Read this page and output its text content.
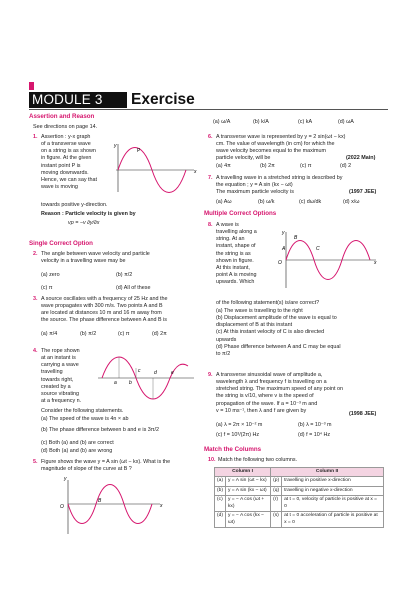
MODULE 3	Exercise
Assertion and Reason
See directions on page 14.
1. Assertion : y-x graph
of a transverse wave
on a string is as shown
in figure. At the given
instant point P is
moving downwards.
Hence, we can say that
wave is moving
towards positive y-direction.
P
x
y
Reason : Particle velocity is given by
vp = −v ∂y/∂x
Single Correct Option
2. The angle between wave velocity and particle
velocity in a travelling wave may be
(a) zero	(b) π/2
(c) π	(d) All of these
3. A source oscillates with a frequency of 25 Hz and the
wave propagates with 300 m/s. Two points A and B
are located at distances 10 m and 16 m away from
the source. The phase difference between A and B is
(a) π/4	(b) π/2	(c) π	(d) 2π
4. The rope shown
at an instant is
carrying a wave
travelling
towards right,
created by a
source vibrating
at a frequency n.
a b
c	d	e
Consider the following statements.
(a) The speed of the wave is 4n × ab
(b) The phase difference between b and e is 3π/2
(c) Both (a) and (b) are correct
(d) Both (a) and (b) are wrong
5. Figure shows the wave y = A sin (ωt − kx). What is the
magnitude of slope of the curve at B ?
B
O	x
y
(a) ω/A	(b) k/A	(c) kA	(d) ωA
6. A transverse wave is represented by y = 2 sin(ωt − kx)
cm. The value of wavelength (in cm) for which the
wave velocity becomes equal to the maximum
particle velocity, will be	(2022 Main)
(a) 4π	(b) 2π	(c) π	(d) 2
7. A travelling wave in a stretched string is described by
the equation ; y = A sin (kx − ωt)
The maximum particle velocity is	(1997 JEE)
(a) Aω	(b) ω/k	(c) dω/dk	(d) x/ω
Multiple Correct Options
8. A wave is
travelling along a
string. At an
instant, shape of
the string is as
shown in figure.
At this instant,
point A is moving
upwards. Which
A
B
C
O	x
y
of the following statement(s) is/are correct?
(a) The wave is travelling to the right
(b) Displacement amplitude of the wave is equal to
displacement of B at this instant
(c) At this instant velocity of C is also directed
upwards
(d) Phase difference between A and C may be equal
to π/2
9. A transverse sinusoidal wave of amplitude a,
wavelength λ and frequency f is travelling on a
stretched string. The maximum speed of any point on
the string is v/10, where v is the speed of
propagation of the wave. If a = 10⁻³ m and
v = 10 ms⁻¹, then λ and f are given by
(1998 JEE)
(a) λ = 2π × 10⁻² m	(b) λ = 10⁻³ m
(c) f = 10³/(2π) Hz	(d) f = 10⁴ Hz
Match the Columns
10. Match the following two columns.
Column I		Column II	
(a)	y = A sin (ωt − kx)	(p)	travelling in positive x-direction
(b)	y = A sin (kx − ωt)	(q)	travelling in negative x-direction
(c)	y = − A cos (ωt + kx)	(r)	at t = 0, velocity of particle is positive at x = 0
(d)	y = − A cos (kx − ωt)	(s)	at t = 0 acceleration of particle is positive at x = 0
